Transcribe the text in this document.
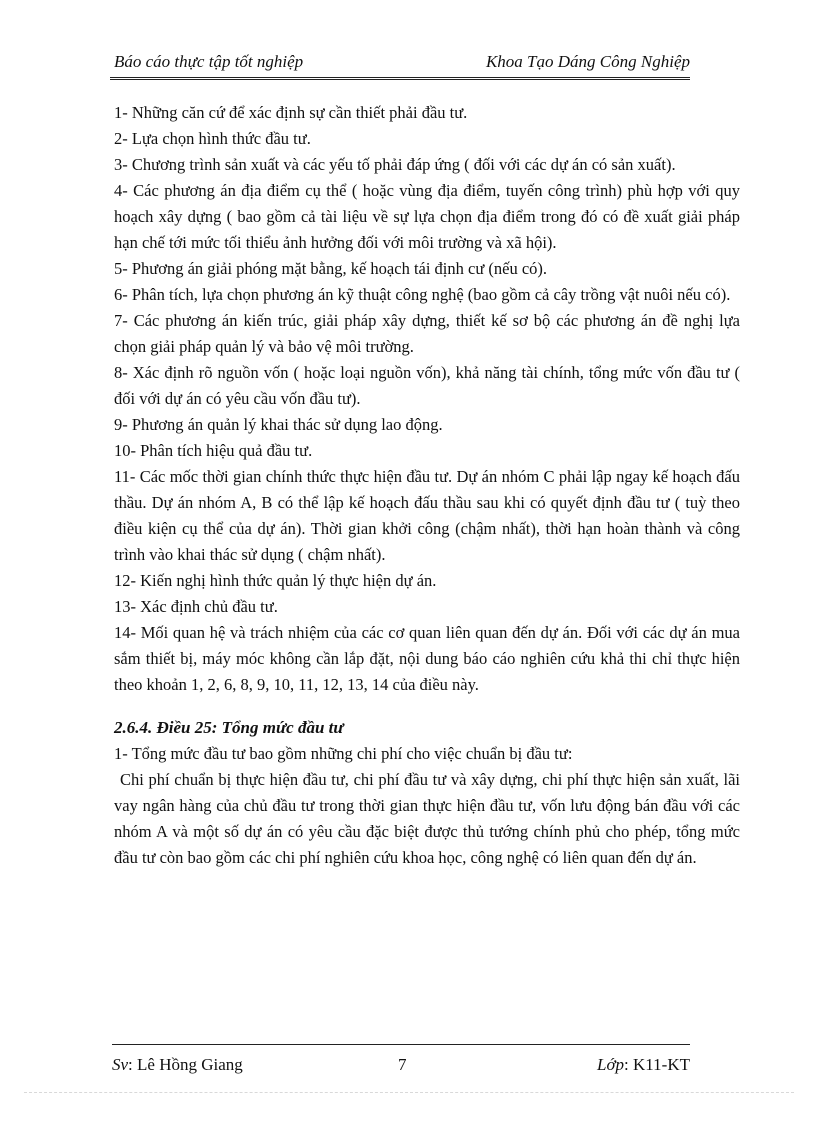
Báo cáo thực tập tốt nghiệp	Khoa Tạo Dáng Công Nghiệp

1- Những căn cứ để xác định sự cần thiết phải đầu tư.

2- Lựa chọn hình thức đầu tư.

3- Chương trình sản xuất và các yếu tố phải đáp ứng ( đối với các dự án có sản xuất).

4- Các phương án địa điểm cụ thể ( hoặc vùng địa điểm, tuyến công trình) phù hợp với quy hoạch xây dựng ( bao gồm cả tài liệu về sự lựa chọn địa điểm trong đó có đề xuất giải pháp hạn chế tới mức tối thiểu ảnh hưởng đối với môi trường và xã hội).

5- Phương án giải phóng mặt bằng, kế hoạch tái định cư (nếu có).

6- Phân tích, lựa chọn phương án kỹ thuật công nghệ (bao gồm cả cây trồng vật nuôi nếu có).

7- Các phương án kiến trúc, giải pháp xây dựng, thiết kế sơ bộ các phương án đề nghị lựa chọn giải pháp quản lý và bảo vệ môi trường.

8- Xác định rõ nguồn vốn ( hoặc loại nguồn vốn), khả năng tài chính, tổng mức vốn đầu tư ( đối với dự án có yêu cầu vốn đầu tư).

9- Phương án quản lý khai thác sử dụng lao động.

10- Phân tích hiệu quả đầu tư.

11- Các mốc thời gian chính thức thực hiện đầu tư. Dự án nhóm C phải lập ngay kế hoạch đấu thầu. Dự án nhóm A, B có thể lập kế hoạch đấu thầu sau khi có quyết định đầu tư ( tuỳ theo điều kiện cụ thể của dự án). Thời gian khởi công (chậm nhất), thời hạn hoàn thành và công trình vào khai thác sử dụng ( chậm nhất).

12- Kiến nghị hình thức quản lý thực hiện dự án.

13- Xác định chủ đầu tư.

14- Mối quan hệ và trách nhiệm của các cơ quan liên quan đến dự án. Đối với các dự án mua sắm thiết bị, máy móc không cần lắp đặt, nội dung báo cáo nghiên cứu khả thi chỉ thực hiện theo khoản 1, 2, 6, 8, 9, 10, 11, 12, 13, 14 của điều này.

2.6.4. Điều 25: Tổng mức đầu tư

1- Tổng mức đầu tư bao gồm những chi phí cho việc chuẩn bị đầu tư:

Chi phí chuẩn bị thực hiện đầu tư, chi phí đầu tư và xây dựng, chi phí thực hiện sản xuất, lãi vay ngân hàng của chủ đầu tư trong thời gian thực hiện đầu tư, vốn lưu động bán đầu với các nhóm A và một số dự án có yêu cầu đặc biệt được thủ tướng chính phủ cho phép, tổng mức đầu tư còn bao gồm các chi phí nghiên cứu khoa học, công nghệ có liên quan đến dự án.

Sv: Lê Hồng Giang	7	Lớp: K11-KT
